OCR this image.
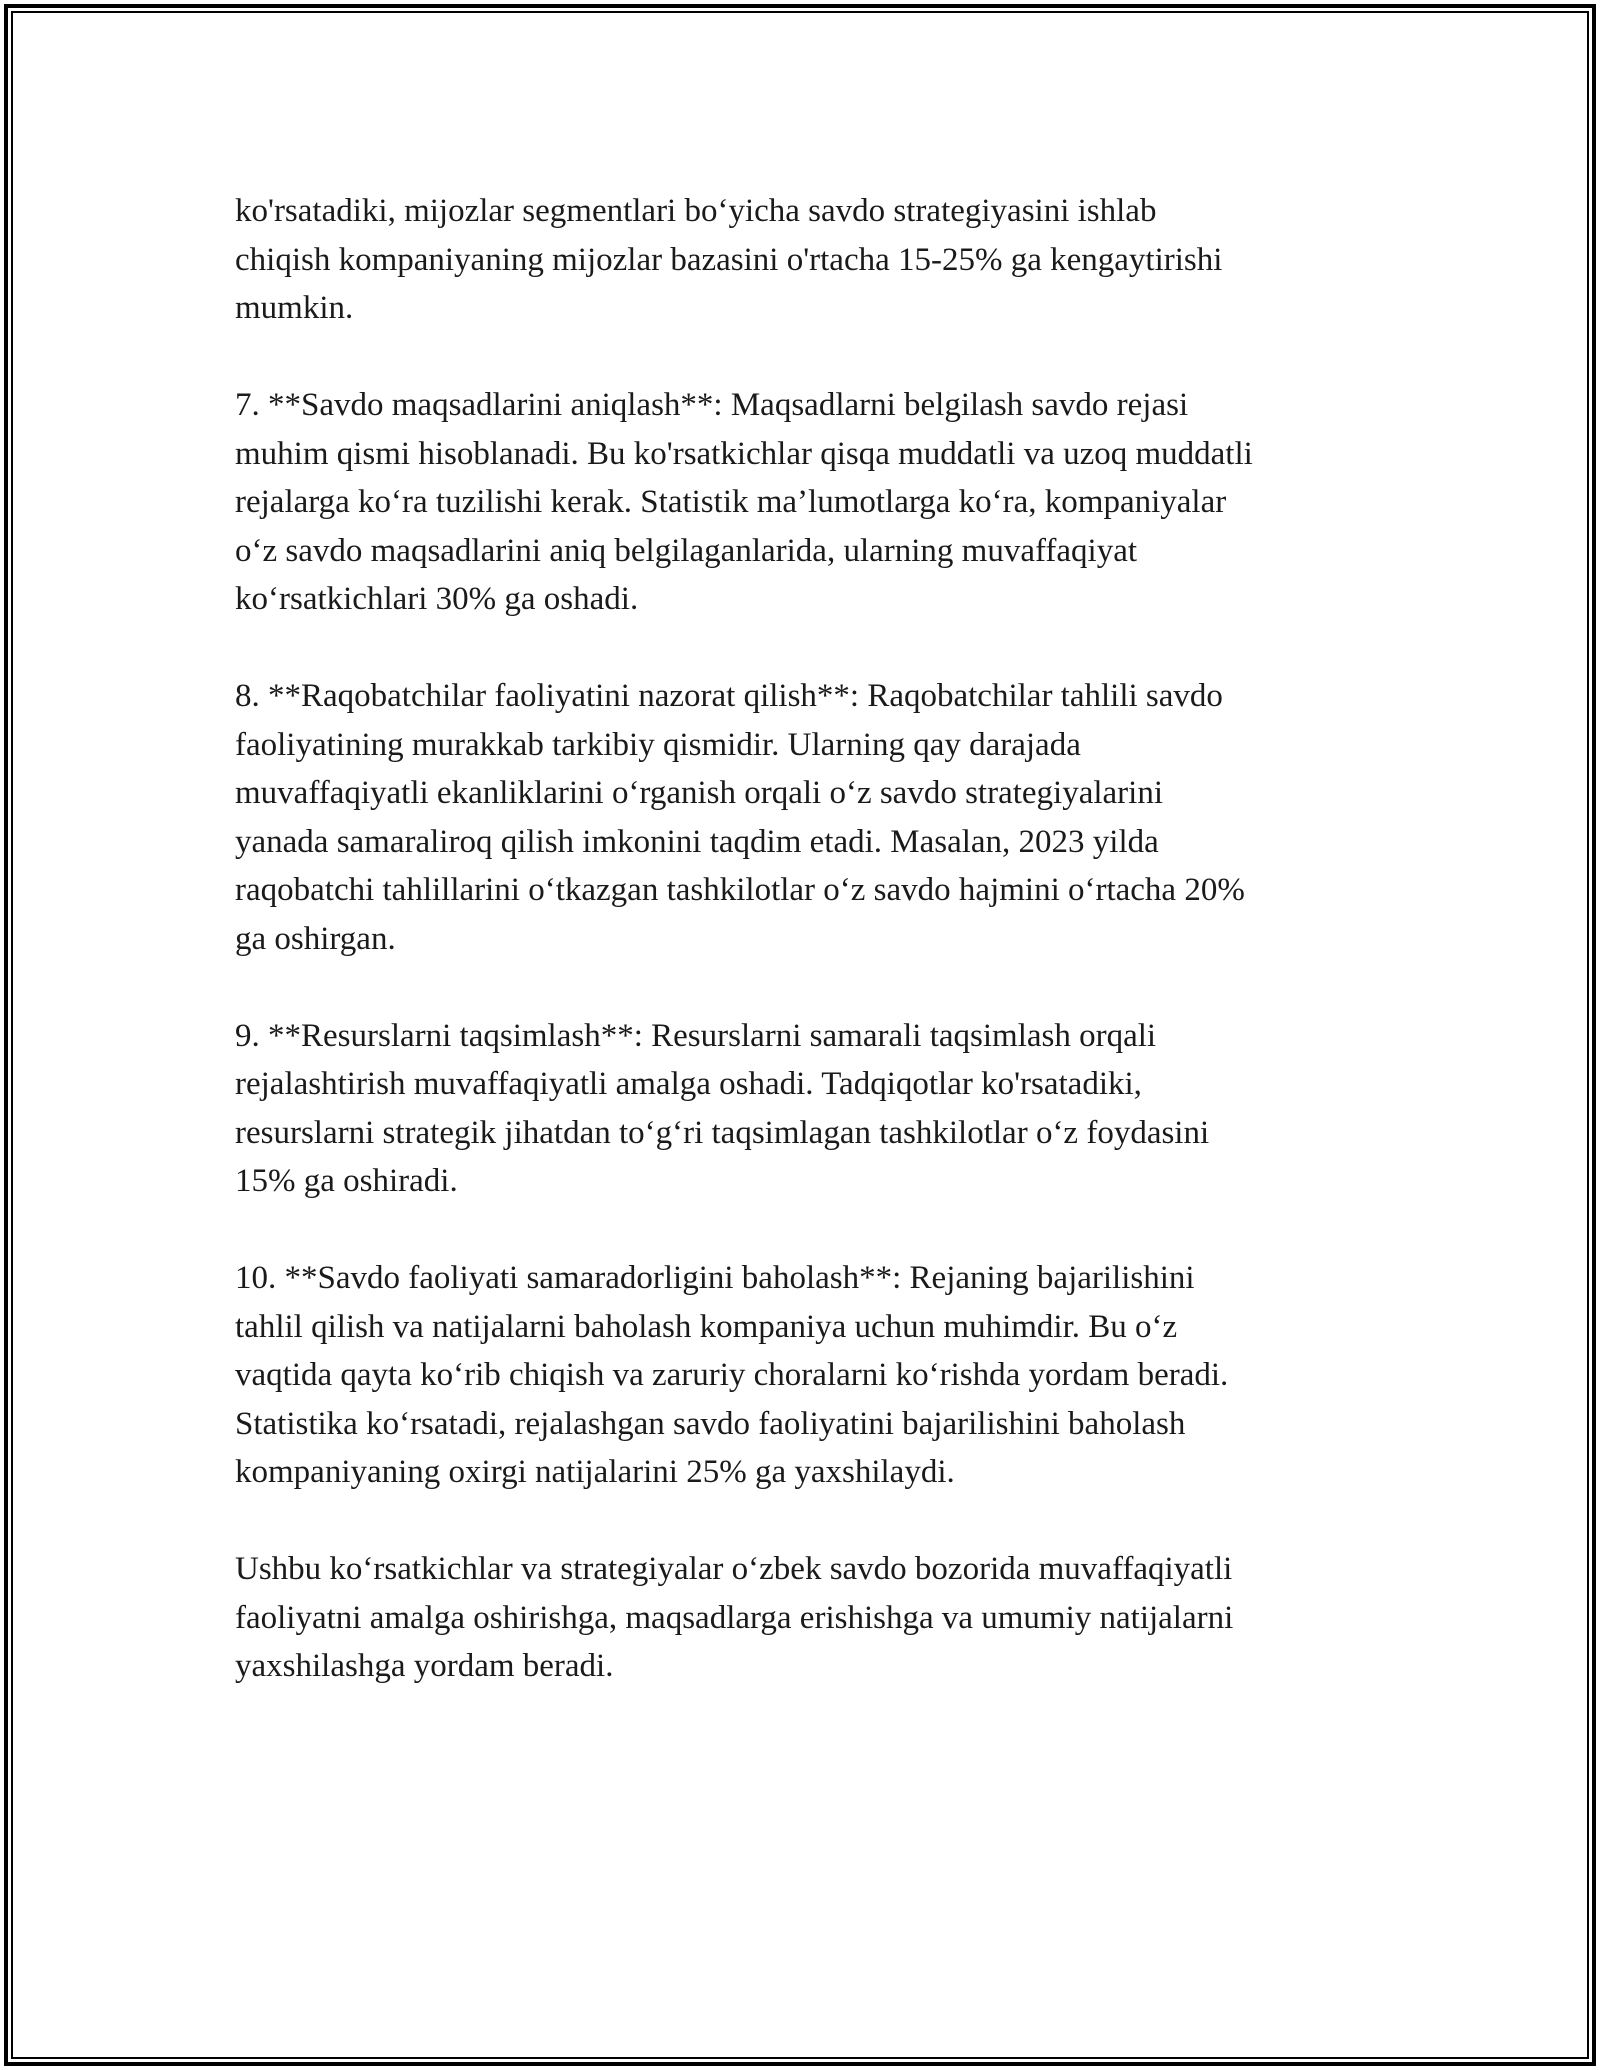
ko'rsatadiki, mijozlar segmentlari bo‘yicha savdo strategiyasini ishlab
chiqish kompaniyaning mijozlar bazasini o'rtacha 15-25% ga kengaytirishi
mumkin.

7. **Savdo maqsadlarini aniqlash**: Maqsadlarni belgilash savdo rejasi
muhim qismi hisoblanadi. Bu ko'rsatkichlar qisqa muddatli va uzoq muddatli
rejalarga ko‘ra tuzilishi kerak. Statistik ma’lumotlarga ko‘ra, kompaniyalar
o‘z savdo maqsadlarini aniq belgilaganlarida, ularning muvaffaqiyat
ko‘rsatkichlari 30% ga oshadi.

8. **Raqobatchilar faoliyatini nazorat qilish**: Raqobatchilar tahlili savdo
faoliyatining murakkab tarkibiy qismidir. Ularning qay darajada
muvaffaqiyatli ekanliklarini o‘rganish orqali o‘z savdo strategiyalarini
yanada samaraliroq qilish imkonini taqdim etadi. Masalan, 2023 yilda
raqobatchi tahlillarini o‘tkazgan tashkilotlar o‘z savdo hajmini o‘rtacha 20%
ga oshirgan.

9. **Resurslarni taqsimlash**: Resurslarni samarali taqsimlash orqali
rejalashtirish muvaffaqiyatli amalga oshadi. Tadqiqotlar ko'rsatadiki,
resurslarni strategik jihatdan to‘g‘ri taqsimlagan tashkilotlar o‘z foydasini
15% ga oshiradi.

10. **Savdo faoliyati samaradorligini baholash**: Rejaning bajarilishini
tahlil qilish va natijalarni baholash kompaniya uchun muhimdir. Bu o‘z
vaqtida qayta ko‘rib chiqish va zaruriy choralarni ko‘rishda yordam beradi.
Statistika ko‘rsatadi, rejalashgan savdo faoliyatini bajarilishini baholash
kompaniyaning oxirgi natijalarini 25% ga yaxshilaydi.

Ushbu ko‘rsatkichlar va strategiyalar o‘zbek savdo bozorida muvaffaqiyatli
faoliyatni amalga oshirishga, maqsadlarga erishishga va umumiy natijalarni
yaxshilashga yordam beradi.
